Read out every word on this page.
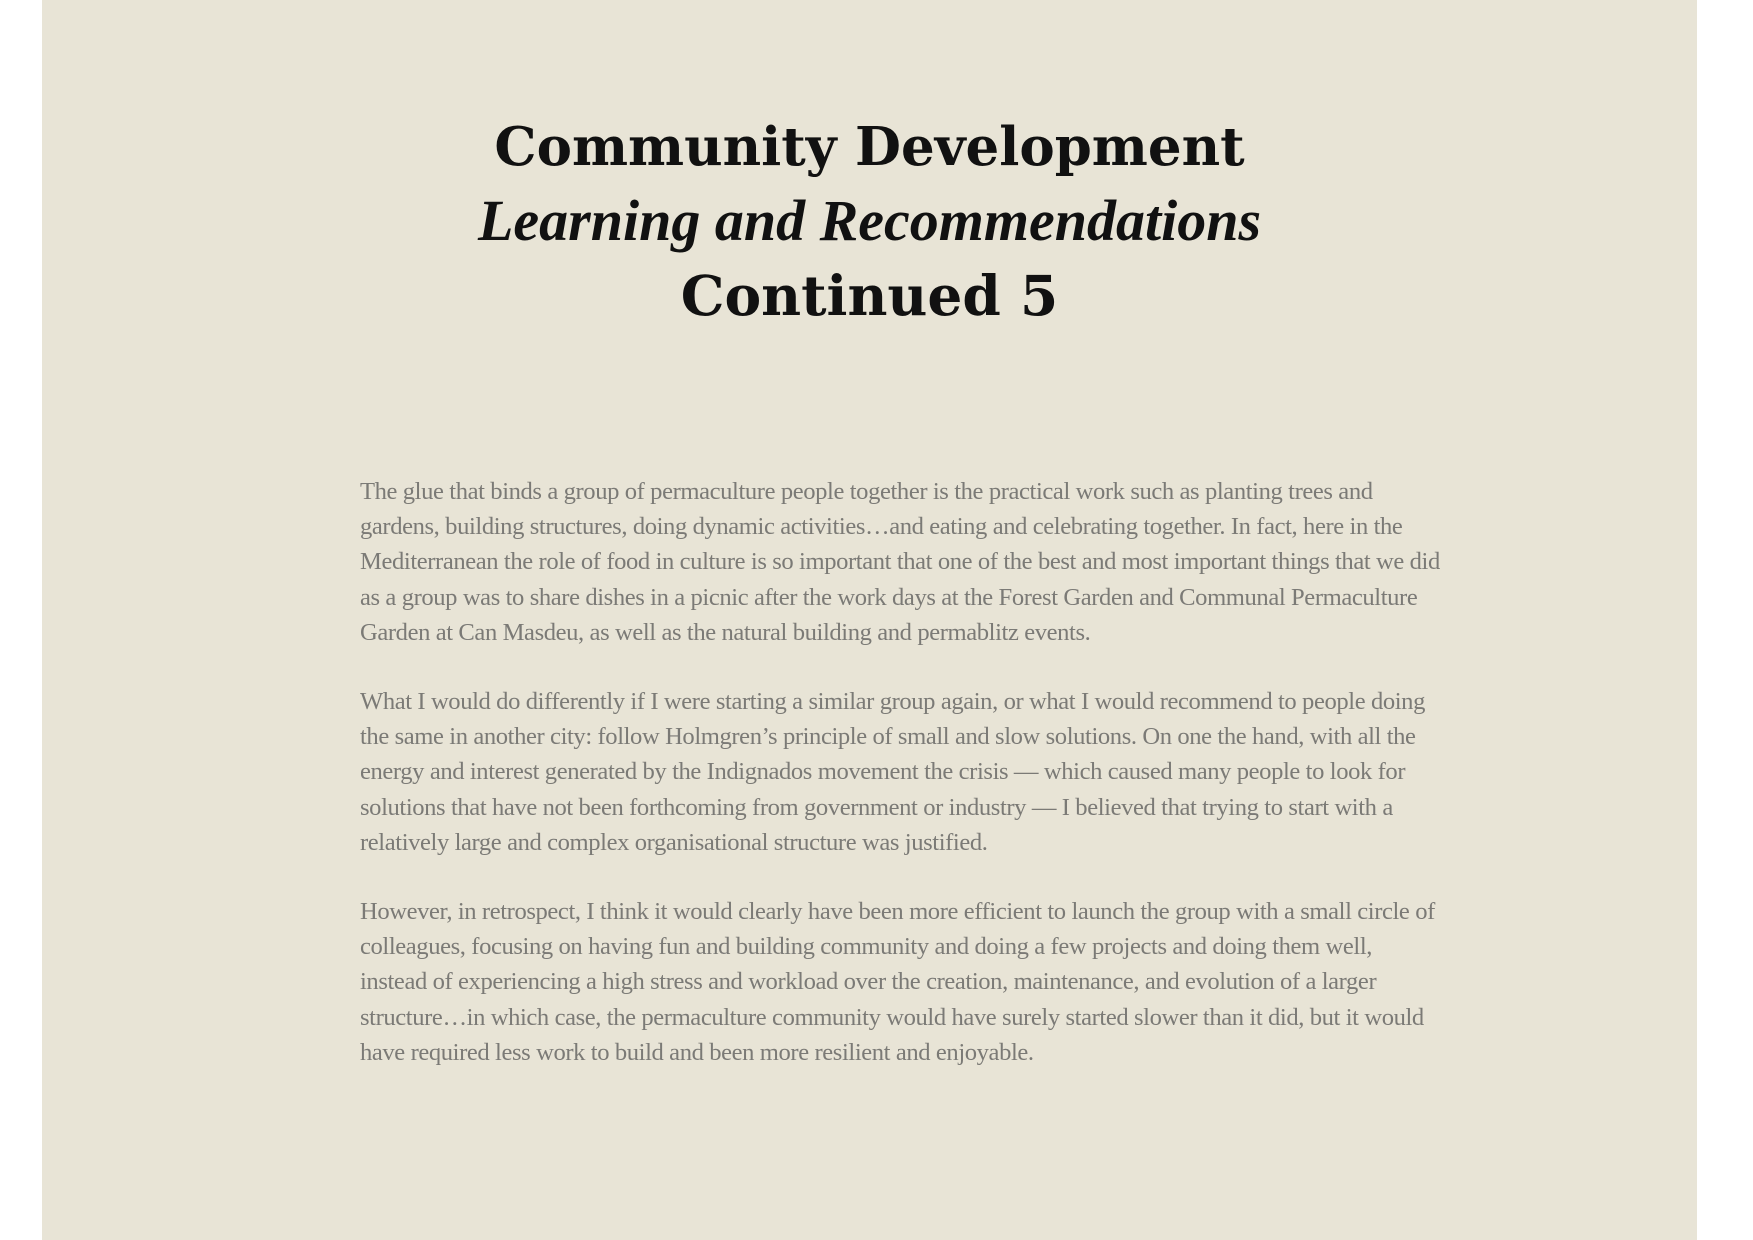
Community Development
Learning and Recommendations
Continued 5

The glue that binds a group of permaculture people together is the practical work such as planting trees and gardens, building structures, doing dynamic activities…and eating and celebrating together. In fact, here in the Mediterranean the role of food in culture is so important that one of the best and most important things that we did as a group was to share dishes in a picnic after the work days at the Forest Garden and Communal Permaculture Garden at Can Masdeu, as well as the natural building and permablitz events.

What I would do differently if I were starting a similar group again, or what I would recommend to people doing the same in another city: follow Holmgren’s principle of small and slow solutions. On one the hand, with all the energy and interest generated by the Indignados movement the crisis — which caused many people to look for solutions that have not been forthcoming from government or industry — I believed that trying to start with a relatively large and complex organisational structure was justified.

However, in retrospect, I think it would clearly have been more efficient to launch the group with a small circle of colleagues, focusing on having fun and building community and doing a few projects and doing them well, instead of experiencing a high stress and workload over the creation, maintenance, and evolution of a larger structure…in which case, the permaculture community would have surely started slower than it did, but it would have required less work to build and been more resilient and enjoyable.
